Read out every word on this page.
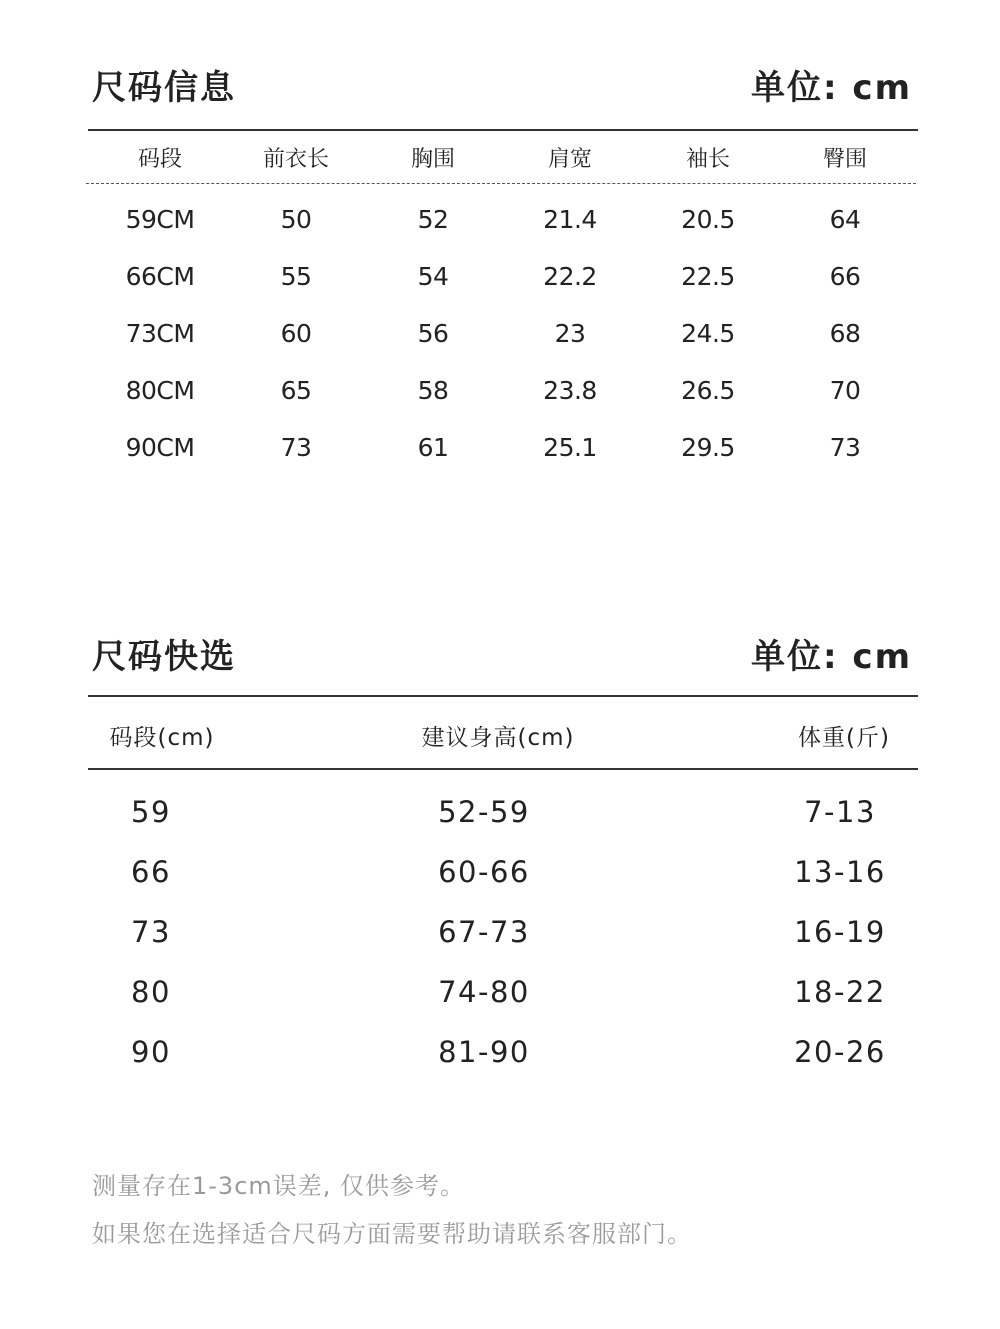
尺码信息	单位: cm
码段	前衣长	胸围	肩宽	袖长	臀围
59CM	50	52	21.4	20.5	64
66CM	55	54	22.2	22.5	66
73CM	60	56	23	24.5	68
80CM	65	58	23.8	26.5	70
90CM	73	61	25.1	29.5	73
尺码快选	单位: cm
码段(cm)	建议身高(cm)	体重(斤)
59	52-59	7-13
66	60-66	13-16
73	67-73	16-19
80	74-80	18-22
90	81-90	20-26
测量存在1-3cm误差, 仅供参考。
如果您在选择适合尺码方面需要帮助请联系客服部门。
